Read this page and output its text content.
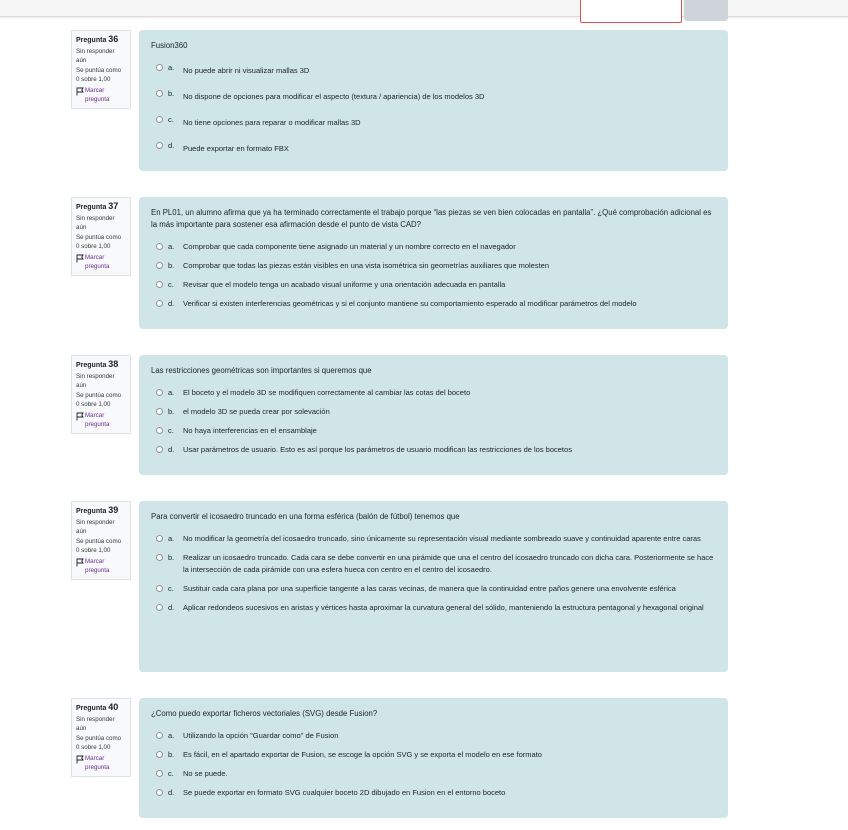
Pregunta 36
Sin responder aún
Se puntúa como 0 sobre 1,00
Marcar pregunta
Fusion360
a.	No puede abrir ni visualizar mallas 3D
b.	No dispone de opciones para modificar el aspecto (textura / apariencia) de los modelos 3D
c.	No tiene opciones para reparar o modificar mallas 3D
d.	Puede exportar en formato FBX
Pregunta 37
Sin responder aún
Se puntúa como 0 sobre 1,00
Marcar pregunta
En PL01, un alumno afirma que ya ha terminado correctamente el trabajo porque “las piezas se ven bien colocadas en pantalla”. ¿Qué comprobación adicional es la más importante para sostener esa afirmación desde el punto de vista CAD?
a.	Comprobar que cada componente tiene asignado un material y un nombre correcto en el navegador
b.	Comprobar que todas las piezas están visibles en una vista isométrica sin geometrías auxiliares que molesten
c.	Revisar que el modelo tenga un acabado visual uniforme y una orientación adecuada en pantalla
d.	Verificar si existen interferencias geométricas y si el conjunto mantiene su comportamiento esperado al modificar parámetros del modelo
Pregunta 38
Sin responder aún
Se puntúa como 0 sobre 1,00
Marcar pregunta
Las restricciones geométricas son importantes si queremos que
a.	El boceto y el modelo 3D se modifiquen correctamente al cambiar las cotas del boceto
b.	el modelo 3D se pueda crear por solevación
c.	No haya interferencias en el ensamblaje
d.	Usar parámetros de usuario. Esto es así porque los parámetros de usuario modifican las restricciones de los bocetos
Pregunta 39
Sin responder aún
Se puntúa como 0 sobre 1,00
Marcar pregunta
Para convertir el icosaedro truncado en una forma esférica (balón de fútbol) tenemos que
a.	No modificar la geometría del icosaedro truncado, sino únicamente su representación visual mediante sombreado suave y continuidad aparente entre caras
b.	Realizar un icosaedro truncado. Cada cara se debe convertir en una pirámide que una el centro del icosaedro truncado con dicha cara. Posteriormente se hace la intersección de cada pirámide con una esfera hueca con centro en el centro del icosaedro.
c.	Sustituir cada cara plana por una superficie tangente a las caras vecinas, de manera que la continuidad entre paños genere una envolvente esférica
d.	Aplicar redondeos sucesivos en aristas y vértices hasta aproximar la curvatura general del sólido, manteniendo la estructura pentagonal y hexagonal original
Pregunta 40
Sin responder aún
Se puntúa como 0 sobre 1,00
Marcar pregunta
¿Como puedo exportar ficheros vectoriales (SVG) desde Fusion?
a.	Utilizando la opción "Guardar como" de Fusion
b.	Es fácil, en el apartado exportar de Fusion, se escoge la opción SVG y se exporta el modelo en ese formato
c.	No se puede.
d.	Se puede exportar en formato SVG cualquier boceto 2D dibujado en Fusion en el entorno boceto
